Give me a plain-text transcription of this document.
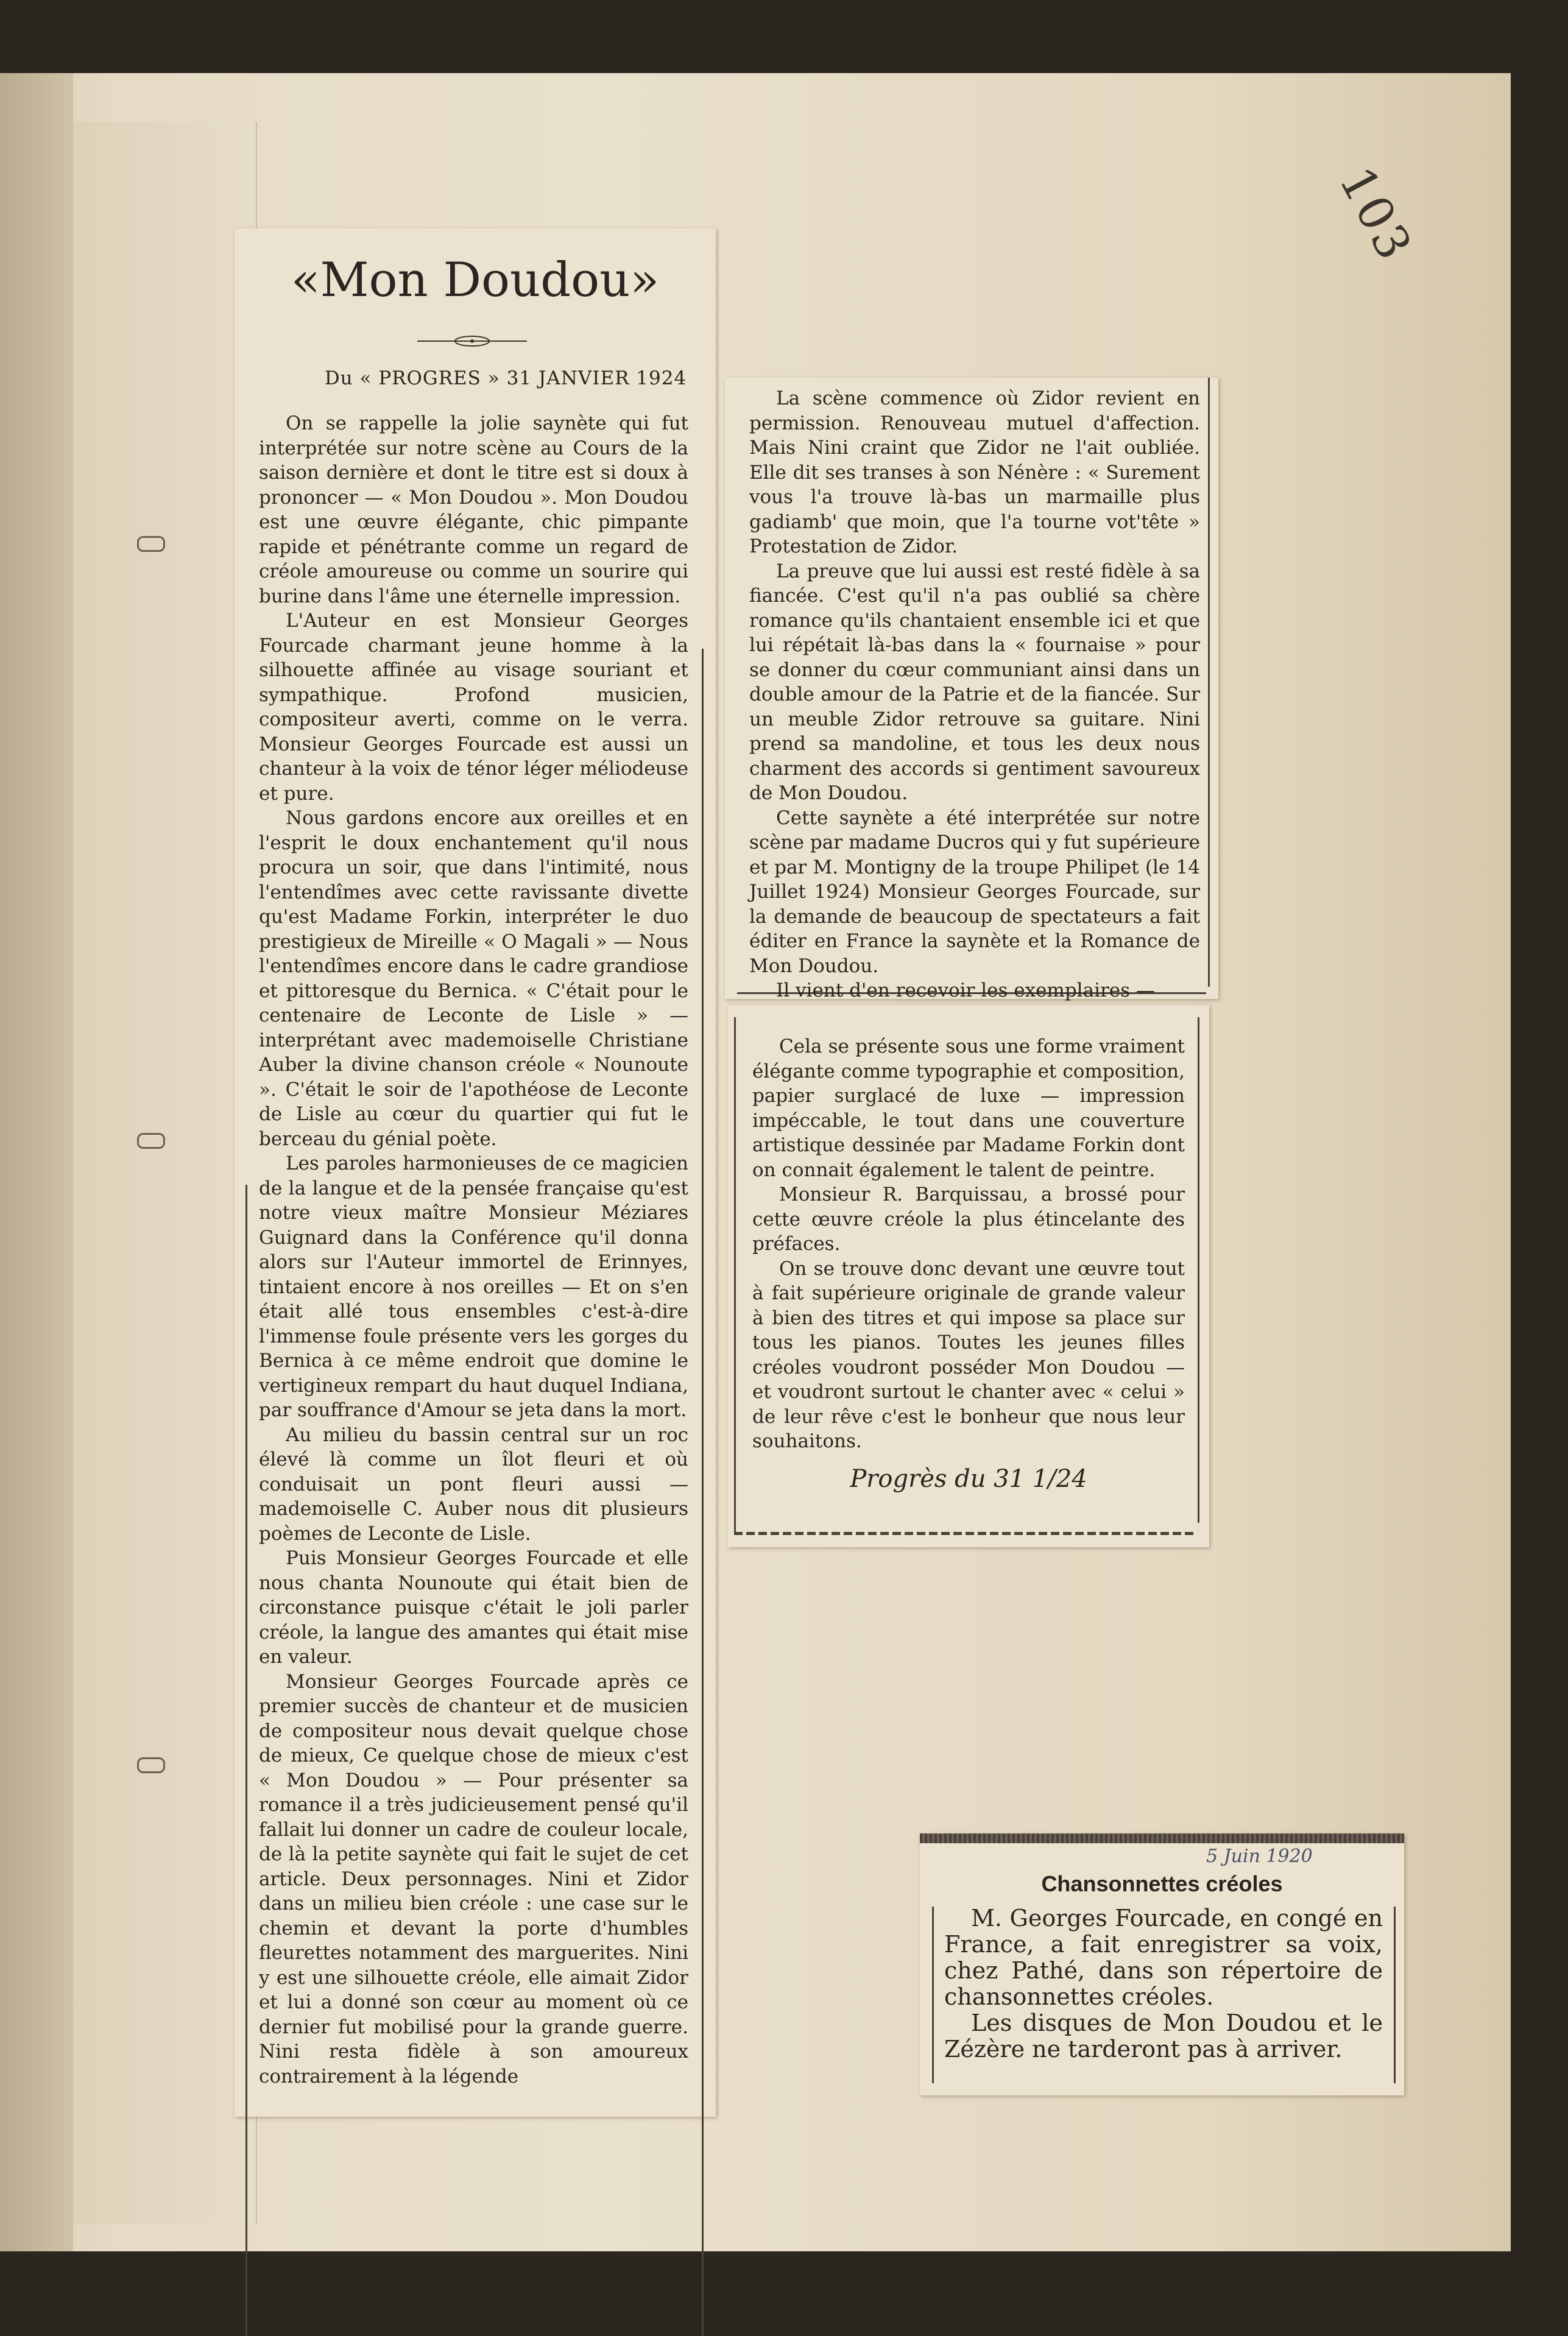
103
«Mon Doudou»
Du « PROGRES » 31 JANVIER 1924

On se rappelle la jolie saynète qui fut interprétée sur notre scène au Cours de la saison dernière et dont le titre est si doux à prononcer — « Mon Doudou ». Mon Doudou est une œuvre élégante, chic pimpante rapide et pénétrante comme un regard de créole amoureuse ou comme un sourire qui burine dans l'âme une éternelle impression.

L'Auteur en est Monsieur Georges Fourcade charmant jeune homme à la silhouette affinée au visage souriant et sympathique. Profond musicien, compositeur averti, comme on le verra. Monsieur Georges Fourcade est aussi un chanteur à la voix de ténor léger méliodeuse et pure.

Nous gardons encore aux oreilles et en l'esprit le doux enchantement qu'il nous procura un soir, que dans l'intimité, nous l'entendîmes avec cette ravissante divette qu'est Madame Forkin, interpréter le duo prestigieux de Mireille « O Magali » — Nous l'entendîmes encore dans le cadre grandiose et pittoresque du Bernica. « C'était pour le centenaire de Leconte de Lisle » — interprétant avec mademoiselle Christiane Auber la divine chanson créole « Nounoute ». C'était le soir de l'apothéose de Leconte de Lisle au cœur du quartier qui fut le berceau du génial poète.

Les paroles harmonieuses de ce magicien de la langue et de la pensée française qu'est notre vieux maître Monsieur Méziares Guignard dans la Conférence qu'il donna alors sur l'Auteur immortel de Erinnyes, tintaient encore à nos oreilles — Et on s'en était allé tous ensembles c'est-à-dire l'immense foule présente vers les gorges du Bernica à ce même endroit que domine le vertigineux rempart du haut duquel Indiana, par souffrance d'Amour se jeta dans la mort.

Au milieu du bassin central sur un roc élevé là comme un îlot fleuri et où conduisait un pont fleuri aussi — mademoiselle C. Auber nous dit plusieurs poèmes de Leconte de Lisle.

Puis Monsieur Georges Fourcade et elle nous chanta Nounoute qui était bien de circonstance puisque c'était le joli parler créole, la langue des amantes qui était mise en valeur.

Monsieur Georges Fourcade après ce premier succès de chanteur et de musicien de compositeur nous devait quelque chose de mieux, Ce quelque chose de mieux c'est « Mon Doudou » — Pour présenter sa romance il a très judicieusement pensé qu'il fallait lui donner un cadre de couleur locale, de là la petite saynète qui fait le sujet de cet article. Deux personnages. Nini et Zidor dans un milieu bien créole : une case sur le chemin et devant la porte d'humbles fleurettes notamment des marguerites. Nini y est une silhouette créole, elle aimait Zidor et lui a donné son cœur au moment où ce dernier fut mobilisé pour la grande guerre. Nini resta fidèle à son amoureux contrairement à la légende

La scène commence où Zidor revient en permission. Renouveau mutuel d'affection. Mais Nini craint que Zidor ne l'ait oubliée. Elle dit ses transes à son Nénère : « Surement vous l'a trouve là-bas un marmaille plus gadiamb' que moin, que l'a tourne vot'tête » Protestation de Zidor.

La preuve que lui aussi est resté fidèle à sa fiancée. C'est qu'il n'a pas oublié sa chère romance qu'ils chantaient ensemble ici et que lui répétait là-bas dans la « fournaise » pour se donner du cœur communiant ainsi dans un double amour de la Patrie et de la fiancée. Sur un meuble Zidor retrouve sa guitare. Nini prend sa mandoline, et tous les deux nous charment des accords si gentiment savoureux de Mon Doudou.

Cette saynète a été interprétée sur notre scène par madame Ducros qui y fut supérieure et par M. Montigny de la troupe Philipet (le 14 Juillet 1924) Monsieur Georges Fourcade, sur la demande de beaucoup de spectateurs a fait éditer en France la saynète et la Romance de Mon Doudou.

Il vient d'en recevoir les exemplaires —

Cela se présente sous une forme vraiment élégante comme typographie et composition, papier surglacé de luxe — impression impéccable, le tout dans une couverture artistique dessinée par Madame Forkin dont on connait également le talent de peintre.

Monsieur R. Barquissau, a brossé pour cette œuvre créole la plus étincelante des préfaces.

On se trouve donc devant une œuvre tout à fait supérieure originale de grande valeur à bien des titres et qui impose sa place sur tous les pianos. Toutes les jeunes filles créoles voudront posséder Mon Doudou — et voudront surtout le chanter avec « celui » de leur rêve c'est le bonheur que nous leur souhaitons.

Progrès du 31 1/24
5 Juin 1920
Chansonnettes créoles

M. Georges Fourcade, en congé en France, a fait enregistrer sa voix, chez Pathé, dans son répertoire de chansonnettes créoles.

Les disques de Mon Doudou et le Zézère ne tarderont pas à arriver.
